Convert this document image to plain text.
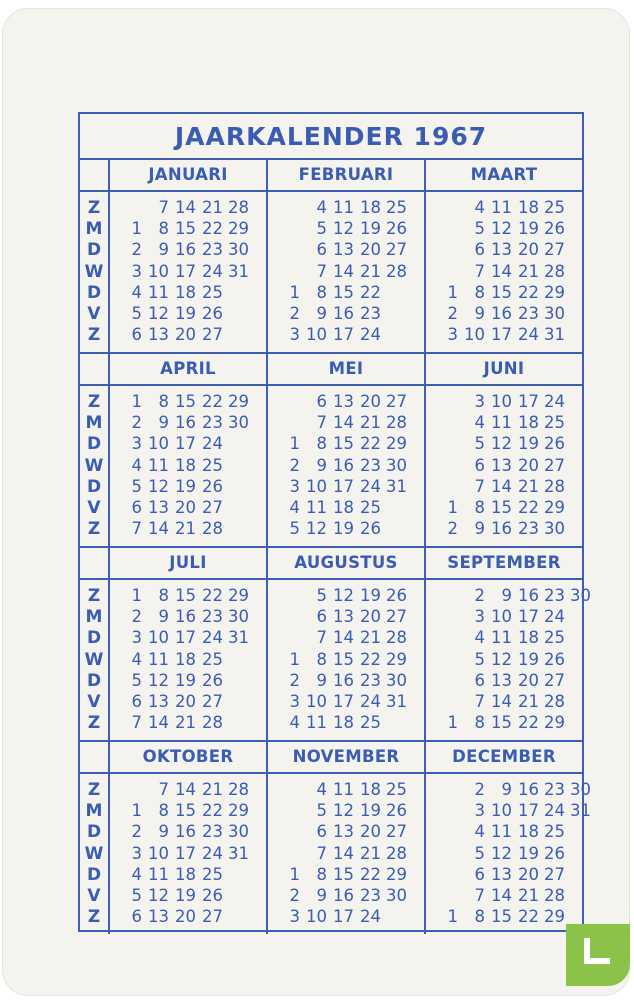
JAARKALENDER 1967
Z
M
D
W
D
V
Z
JANUARI
1
2
3
4
5
6
7
8
9
10
11
12
13
14
15
16
17
18
19
20
21
22
23
24
25
26
27
28
29
30
31
FEBRUARI
1
2
3
4
5
6
7
8
9
10
11
12
13
14
15
16
17
18
19
20
21
22
23
24
25
26
27
28
MAART
1
2
3
4
5
6
7
8
9
10
11
12
13
14
15
16
17
18
19
20
21
22
23
24
25
26
27
28
29
30
31
Z
M
D
W
D
V
Z
APRIL
1
2
3
4
5
6
7
8
9
10
11
12
13
14
15
16
17
18
19
20
21
22
23
24
25
26
27
28
29
30
MEI
1
2
3
4
5
6
7
8
9
10
11
12
13
14
15
16
17
18
19
20
21
22
23
24
25
26
27
28
29
30
31
JUNI
1
2
3
4
5
6
7
8
9
10
11
12
13
14
15
16
17
18
19
20
21
22
23
24
25
26
27
28
29
30
Z
M
D
W
D
V
Z
JULI
1
2
3
4
5
6
7
8
9
10
11
12
13
14
15
16
17
18
19
20
21
22
23
24
25
26
27
28
29
30
31
AUGUSTUS
1
2
3
4
5
6
7
8
9
10
11
12
13
14
15
16
17
18
19
20
21
22
23
24
25
26
27
28
29
30
31
SEPTEMBER
1
2
3
4
5
6
7
8
9
10
11
12
13
14
15
16
17
18
19
20
21
22
23
24
25
26
27
28
29
30
Z
M
D
W
D
V
Z
OKTOBER
1
2
3
4
5
6
7
8
9
10
11
12
13
14
15
16
17
18
19
20
21
22
23
24
25
26
27
28
29
30
31
NOVEMBER
1
2
3
4
5
6
7
8
9
10
11
12
13
14
15
16
17
18
19
20
21
22
23
24
25
26
27
28
29
30
DECEMBER
1
2
3
4
5
6
7
8
9
10
11
12
13
14
15
16
17
18
19
20
21
22
23
24
25
26
27
28
29
30
31
